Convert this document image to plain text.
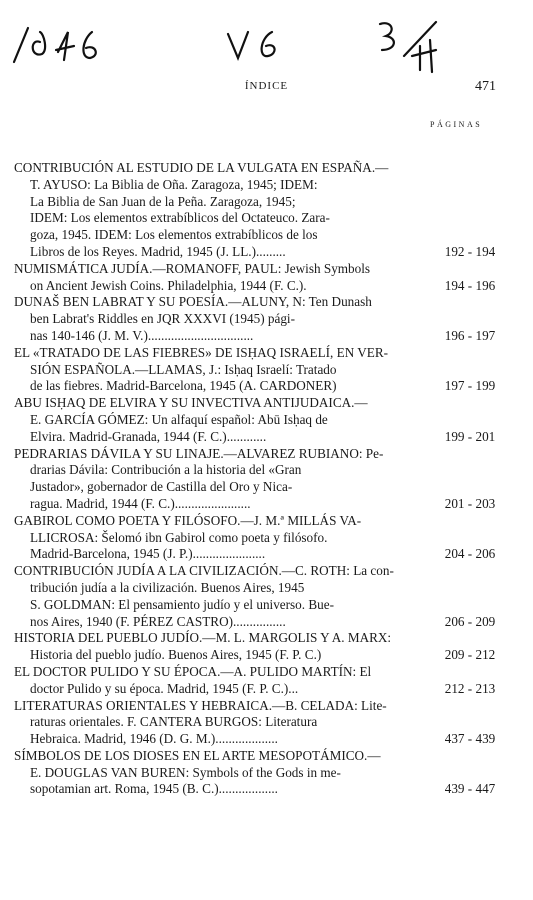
ÍNDICE	471
PÁGINAS
CONTRIBUCIÓN AL ESTUDIO DE LA VULGATA EN ESPAÑA.—
T. AYUSO: La Biblia de Oña. Zaragoza, 1945; IDEM:
La Biblia de San Juan de la Peña. Zaragoza, 1945;
IDEM: Los elementos extrabíblicos del Octateuco. Zara-
goza, 1945. IDEM: Los elementos extrabíblicos de los
Libros de los Reyes. Madrid, 1945 (J. LL.).........	192 - 194
NUMISMÁTICA JUDÍA.—ROMANOFF, PAUL: Jewish Symbols
on Ancient Jewish Coins. Philadelphia, 1944 (F. C.).	194 - 196
DUNAŠ BEN LABRAT Y SU POESÍA.—ALUNY, N: Ten Dunash
ben Labrat's Riddles en JQR XXXVI (1945) pági-
nas 140-146 (J. M. V.)................................	196 - 197
EL «TRATADO DE LAS FIEBRES» DE ISḤAQ ISRAELÍ, EN VER-
SIÓN ESPAÑOLA.—LLAMAS, J.: Isḥaq Israelí: Tratado
de las fiebres. Madrid-Barcelona, 1945 (A. CARDONER)	197 - 199
ABU ISḤAQ DE ELVIRA Y SU INVECTIVA ANTIJUDAICA.—
E. GARCÍA GÓMEZ: Un alfaquí español: Abū Isḥaq de
Elvira. Madrid-Granada, 1944 (F. C.)............	199 - 201
PEDRARIAS DÁVILA Y SU LINAJE.—ALVAREZ RUBIANO: Pe-
drarias Dávila: Contribución a la historia del «Gran
Justador», gobernador de Castilla del Oro y Nica-
ragua. Madrid, 1944 (F. C.).......................	201 - 203
GABIROL COMO POETA Y FILÓSOFO.—J. M.ª MILLÁS VA-
LLICROSA: Šelomó ibn Gabirol como poeta y filósofo.
Madrid-Barcelona, 1945 (J. P.)......................	204 - 206
CONTRIBUCIÓN JUDÍA A LA CIVILIZACIÓN.—C. ROTH: La con-
tribución judía a la civilización. Buenos Aires, 1945
S. GOLDMAN: El pensamiento judío y el universo. Bue-
nos Aires, 1940 (F. PÉREZ CASTRO)................	206 - 209
HISTORIA DEL PUEBLO JUDÍO.—M. L. MARGOLIS Y A. MARX:
Historia del pueblo judío. Buenos Aires, 1945 (F. P. C.)	209 - 212
EL DOCTOR PULIDO Y SU ÉPOCA.—A. PULIDO MARTÍN: El
doctor Pulido y su época. Madrid, 1945 (F. P. C.)...	212 - 213
LITERATURAS ORIENTALES Y HEBRAICA.—B. CELADA: Lite-
raturas orientales. F. CANTERA BURGOS: Literatura
Hebraica. Madrid, 1946 (D. G. M.)...................	437 - 439
SÍMBOLOS DE LOS DIOSES EN EL ARTE MESOPOTÁMICO.—
E. DOUGLAS VAN BUREN: Symbols of the Gods in me-
sopotamian art. Roma, 1945 (B. C.)..................	439 - 447
